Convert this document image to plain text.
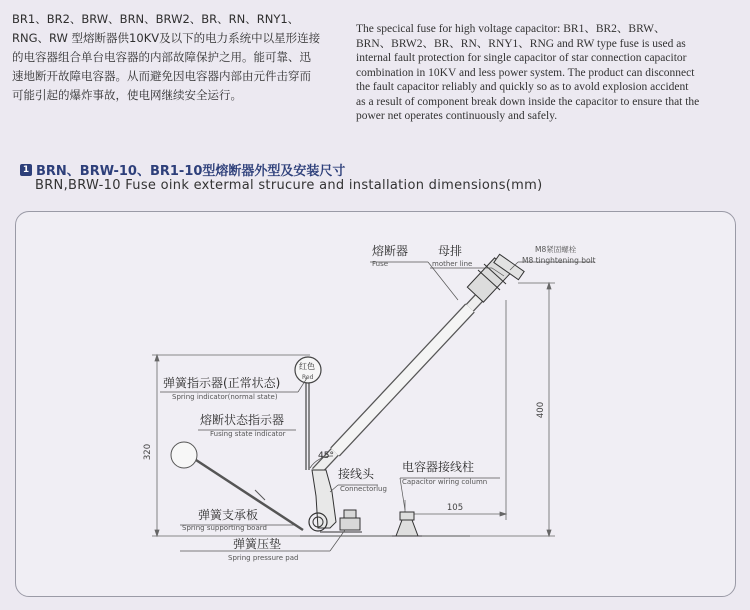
BR1、BR2、BRW、BRN、BRW2、BR、RN、RNY1、
RNG、RW 型熔断器供10KV及以下的电力系统中以星形连接
的电容器组合单台电容器的内部故障保护之用。能可靠、迅
速地断开故障电容器。从而避免因电容器内部由元件击穿而
可能引起的爆炸事故，使电网继续安全运行。
The specical fuse for high voltage capacitor: BR1、BR2、BRW、
BRN、BRW2、BR、RN、RNY1、RNG and RW type fuse is used as
internal fault protection for single capacitor of star connection capacitor
combination in 10KV and less power system. The product can disconnect
the fault capacitor reliably and quickly so as to avold explosion accident
as a result of component break down inside the capacitor to ensure that the
power net operates continuously and safely.
1 BRN、BRW-10、BR1-10型熔断器外型及安装尺寸
BRN,BRW-10 Fuse oink extermal strucure and installation dimensions(mm)
320
400
105
熔断器
Fuse
母排
mother line
M8紧固螺栓
M8 tinghtening bolt
红色
Red
弹簧指示器(正常状态)
Spring indicator(normal state)
熔断状态指示器
Fusing state indicator
45°
接线头
Connectorlug
电容器接线柱
Capacitor wiring column
弹簧支承板
Spring supporting board
弹簧压垫
Spring pressure pad
